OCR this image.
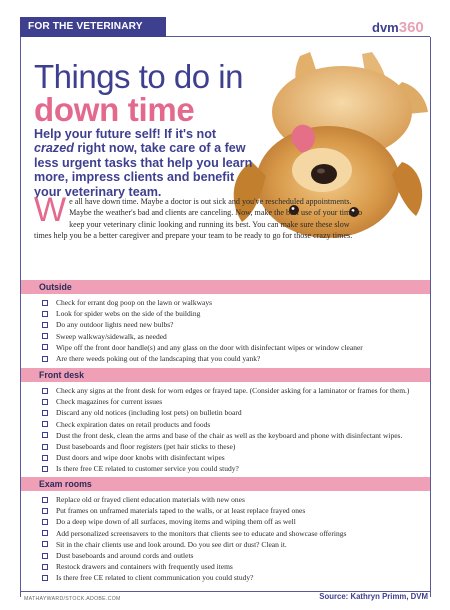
FOR THE VETERINARY TEAM
dvm360
Things to do in
down time
Help your future self! If it's not crazed right now, take care of a few less urgent tasks that help you learn more, impress clients and benefit your veterinary team.
We all have down time. Maybe a doctor is out sick and you've rescheduled appointments. Maybe the weather's bad and clients are canceling. Now, make the best use of your time to keep your veterinary clinic looking and running its best. You can make sure these slow times help you be a better caregiver and prepare your team to be ready to go for those crazy times.
Outside
Check for errant dog poop on the lawn or walkways
Look for spider webs on the side of the building
Do any outdoor lights need new bulbs?
Sweep walkway/sidewalk, as needed
Wipe off the front door handle(s) and any glass on the door with disinfectant wipes or window cleaner
Are there weeds poking out of the landscaping that you could yank?
Front desk
Check any signs at the front desk for worn edges or frayed tape. (Consider asking for a laminator or frames for them.)
Check magazines for current issues
Discard any old notices (including lost pets) on bulletin board
Check expiration dates on retail products and foods
Dust the front desk, clean the arms and base of the chair as well as the keyboard and phone with disinfectant wipes.
Dust baseboards and floor registers (pet hair sticks to these)
Dust doors and wipe door knobs with disinfectant wipes
Is there free CE related to customer service you could study?
Exam rooms
Replace old or frayed client education materials with new ones
Put frames on unframed materials taped to the walls, or at least replace frayed ones
Do a deep wipe down of all surfaces, moving items and wiping them off as well
Add personalized screensavers to the monitors that clients see to educate and showcase offerings
Sit in the chair clients use and look around. Do you see dirt or dust? Clean it.
Dust baseboards and around cords and outlets
Restock drawers and containers with frequently used items
Is there free CE related to client communication you could study?
MATHAYWARD/STOCK.ADOBE.COM	Source: Kathryn Primm, DVM
